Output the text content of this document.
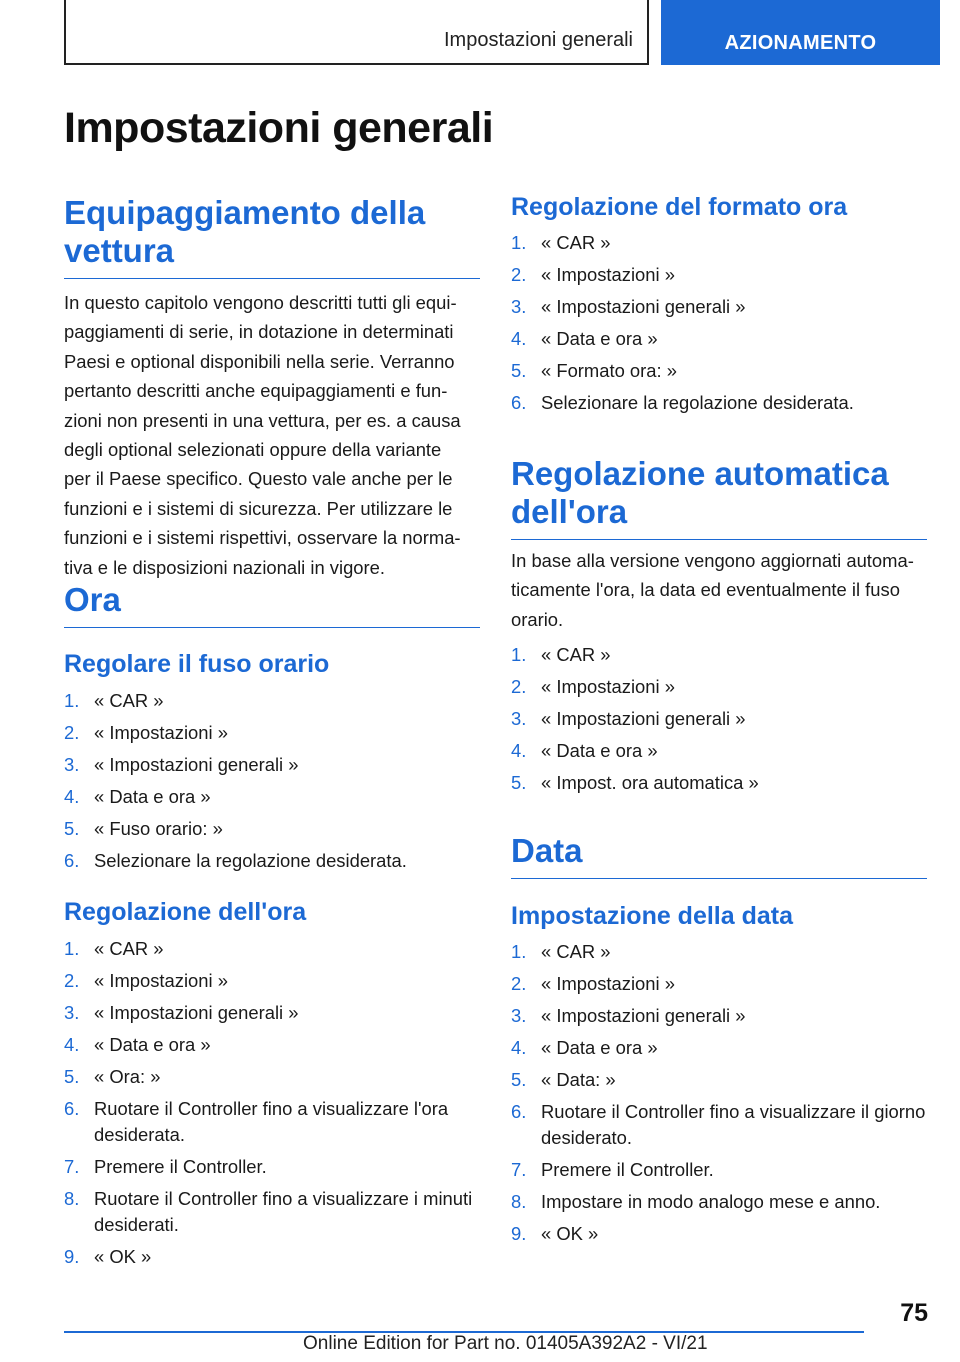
Impostazioni generali	AZIONAMENTO
Impostazioni generali
Equipaggiamento della vettura
In questo capitolo vengono descritti tutti gli equi-
paggiamenti di serie, in dotazione in determinati
Paesi e optional disponibili nella serie. Verranno
pertanto descritti anche equipaggiamenti e fun-
zioni non presenti in una vettura, per es. a causa
degli optional selezionati oppure della variante
per il Paese specifico. Questo vale anche per le
funzioni e i sistemi di sicurezza. Per utilizzare le
funzioni e i sistemi rispettivi, osservare la norma-
tiva e le disposizioni nazionali in vigore.
Ora
Regolare il fuso orario
1. « CAR »
2. « Impostazioni »
3. « Impostazioni generali »
4. « Data e ora »
5. « Fuso orario: »
6. Selezionare la regolazione desiderata.
Regolazione dell'ora
1. « CAR »
2. « Impostazioni »
3. « Impostazioni generali »
4. « Data e ora »
5. « Ora: »
6. Ruotare il Controller fino a visualizzare l'ora desiderata.
7. Premere il Controller.
8. Ruotare il Controller fino a visualizzare i minuti desiderati.
9. « OK »
Regolazione del formato ora
1. « CAR »
2. « Impostazioni »
3. « Impostazioni generali »
4. « Data e ora »
5. « Formato ora: »
6. Selezionare la regolazione desiderata.
Regolazione automatica dell'ora
In base alla versione vengono aggiornati automa-
ticamente l'ora, la data ed eventualmente il fuso
orario.
1. « CAR »
2. « Impostazioni »
3. « Impostazioni generali »
4. « Data e ora »
5. « Impost. ora automatica »
Data
Impostazione della data
1. « CAR »
2. « Impostazioni »
3. « Impostazioni generali »
4. « Data e ora »
5. « Data: »
6. Ruotare il Controller fino a visualizzare il giorno desiderato.
7. Premere il Controller.
8. Impostare in modo analogo mese e anno.
9. « OK »
75
Online Edition for Part no. 01405A392A2 - VI/21
